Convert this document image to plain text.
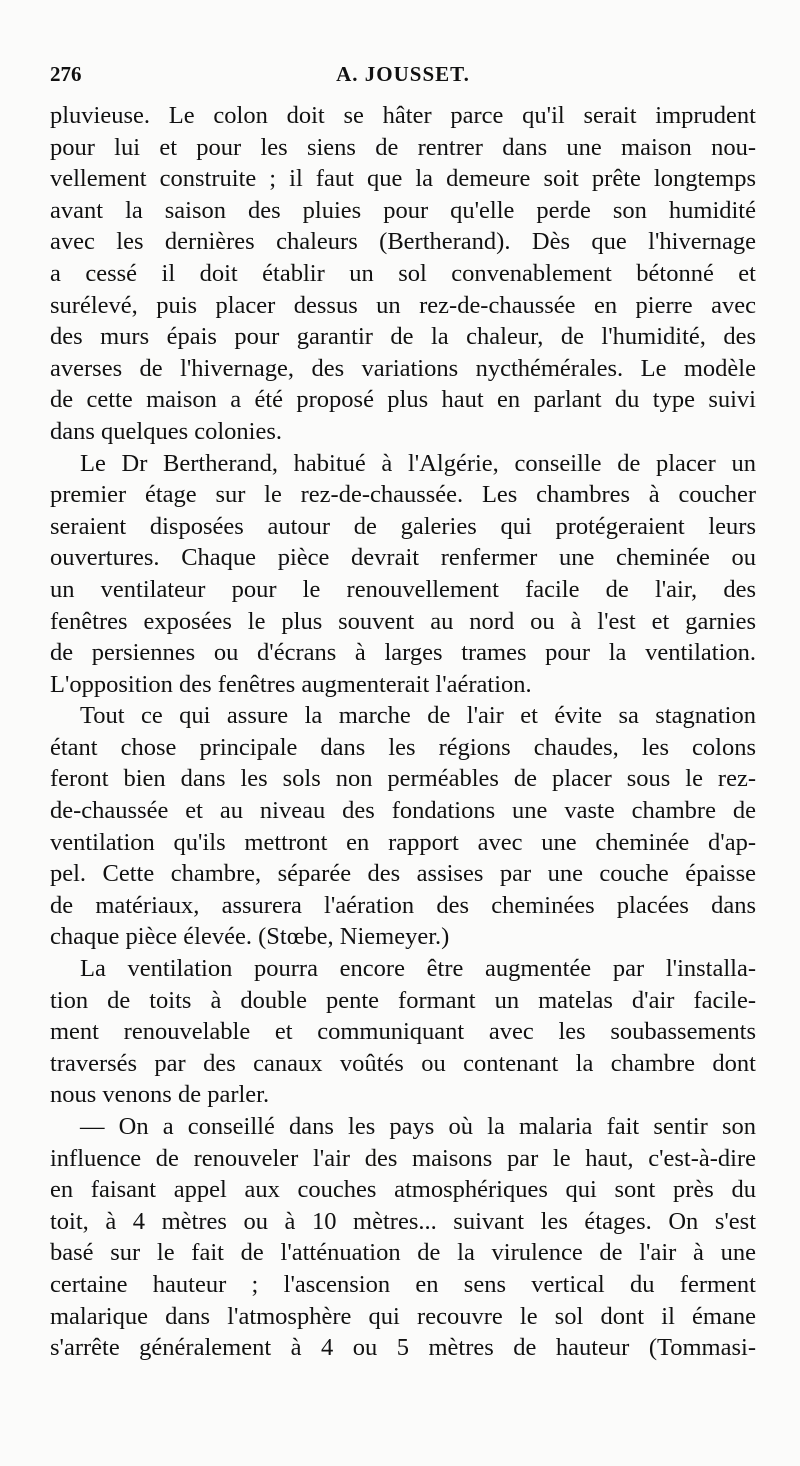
276	A. JOUSSET.
pluvieuse. Le colon doit se hâter parce qu'il serait imprudent
pour lui et pour les siens de rentrer dans une maison nou-
vellement construite ; il faut que la demeure soit prête longtemps
avant la saison des pluies pour qu'elle perde son humidité
avec les dernières chaleurs (Bertherand). Dès que l'hivernage
a cessé il doit établir un sol convenablement bétonné et
surélevé, puis placer dessus un rez-de-chaussée en pierre avec
des murs épais pour garantir de la chaleur, de l'humidité, des
averses de l'hivernage, des variations nycthémérales. Le modèle
de cette maison a été proposé plus haut en parlant du type suivi
dans quelques colonies.
Le Dr Bertherand, habitué à l'Algérie, conseille de placer un
premier étage sur le rez-de-chaussée. Les chambres à coucher
seraient disposées autour de galeries qui protégeraient leurs
ouvertures. Chaque pièce devrait renfermer une cheminée ou
un ventilateur pour le renouvellement facile de l'air, des
fenêtres exposées le plus souvent au nord ou à l'est et garnies
de persiennes ou d'écrans à larges trames pour la ventilation.
L'opposition des fenêtres augmenterait l'aération.
Tout ce qui assure la marche de l'air et évite sa stagnation
étant chose principale dans les régions chaudes, les colons
feront bien dans les sols non perméables de placer sous le rez-
de-chaussée et au niveau des fondations une vaste chambre de
ventilation qu'ils mettront en rapport avec une cheminée d'ap-
pel. Cette chambre, séparée des assises par une couche épaisse
de matériaux, assurera l'aération des cheminées placées dans
chaque pièce élevée. (Stœbe, Niemeyer.)
La ventilation pourra encore être augmentée par l'installa-
tion de toits à double pente formant un matelas d'air facile-
ment renouvelable et communiquant avec les soubassements
traversés par des canaux voûtés ou contenant la chambre dont
nous venons de parler.
— On a conseillé dans les pays où la malaria fait sentir son
influence de renouveler l'air des maisons par le haut, c'est-à-dire
en faisant appel aux couches atmosphériques qui sont près du
toit, à 4 mètres ou à 10 mètres... suivant les étages. On s'est
basé sur le fait de l'atténuation de la virulence de l'air à une
certaine hauteur ; l'ascension en sens vertical du ferment
malarique dans l'atmosphère qui recouvre le sol dont il émane
s'arrête généralement à 4 ou 5 mètres de hauteur (Tommasi-
